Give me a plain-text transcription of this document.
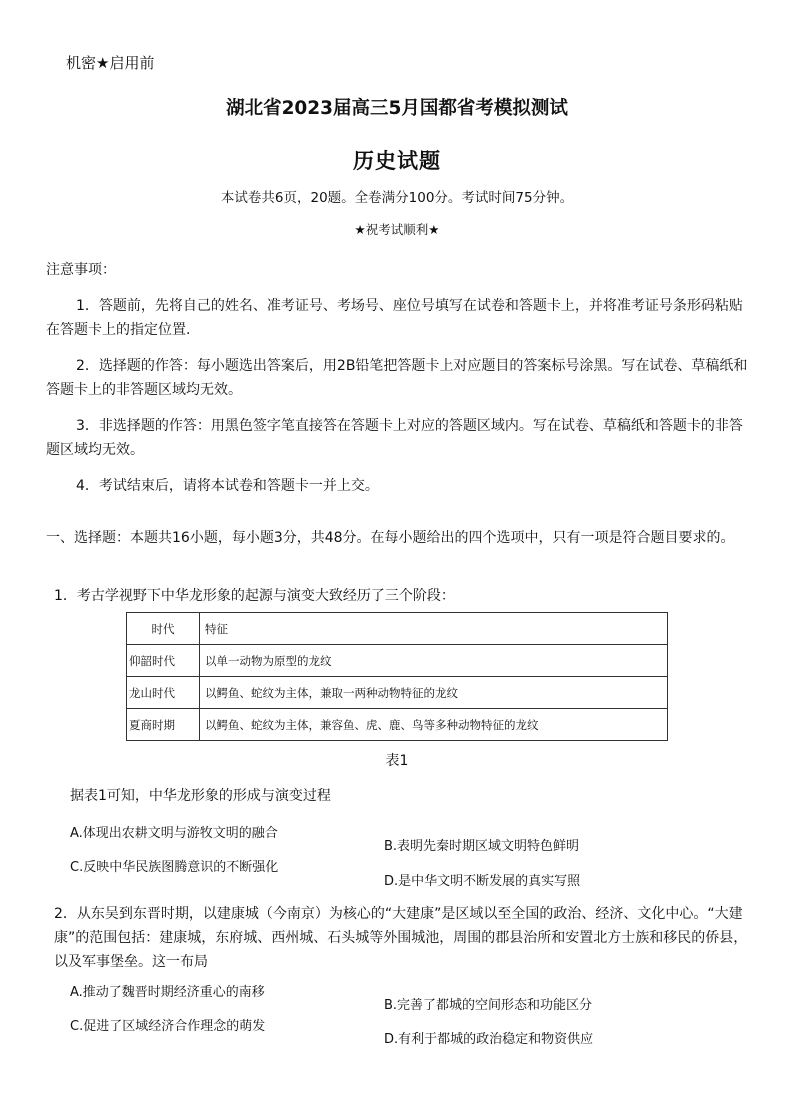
机密★启用前
湖北省2023届高三5月国都省考模拟测试
历史试题
本试卷共6页，20题。全卷满分100分。考试时间75分钟。
★祝考试顺利★
注意事项：
1．答题前，先将自己的姓名、准考证号、考场号、座位号填写在试卷和答题卡上，并将准考证号条形码粘贴在答题卡上的指定位置.
2．选择题的作答：每小题选出答案后，用2B铅笔把答题卡上对应题目的答案标号涂黑。写在试卷、草稿纸和答题卡上的非答题区域均无效。
3．非选择题的作答：用黑色签字笔直接答在答题卡上对应的答题区域内。写在试卷、草稿纸和答题卡的非答题区域均无效。
4．考试结束后，请将本试卷和答题卡一并上交。
一、选择题：本题共16小题，每小题3分，共48分。在每小题给出的四个选项中，只有一项是符合题目要求的。
1．考古学视野下中华龙形象的起源与演变大致经历了三个阶段：
时代	特征
仰韶时代	以单一动物为原型的龙纹
龙山时代	以鳄鱼、蛇纹为主体，兼取一两种动物特征的龙纹
夏商时期	以鳄鱼、蛇纹为主体，兼容鱼、虎、鹿、鸟等多种动物特征的龙纹
表1
据表1可知，中华龙形象的形成与演变过程
A.体现出农耕文明与游牧文明的融合
B.表明先秦时期区域文明特色鲜明
C.反映中华民族图腾意识的不断强化
D.是中华文明不断发展的真实写照
2．从东吴到东晋时期，以建康城（今南京）为核心的“大建康”是区域以至全国的政治、经济、文化中心。“大建康”的范围包括：建康城，东府城、西州城、石头城等外围城池，周围的郡县治所和安置北方士族和移民的侨县，以及军事堡垒。这一布局
A.推动了魏晋时期经济重心的南移
B.完善了都城的空间形态和功能区分
C.促进了区域经济合作理念的萌发
D.有利于都城的政治稳定和物资供应
